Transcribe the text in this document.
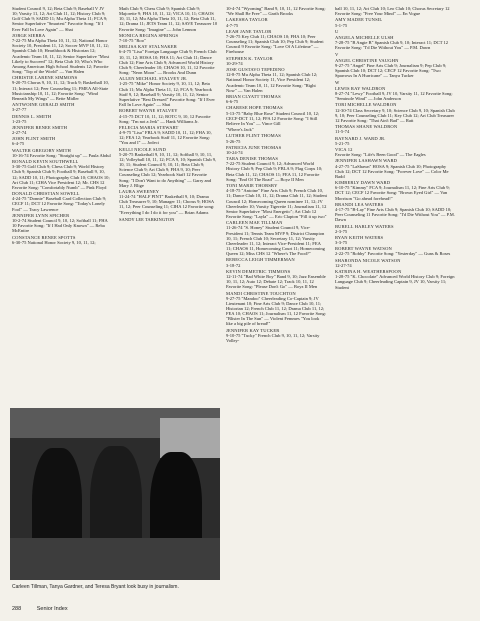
Student Council 9, 12; Beta Club 9; Baseball V JV 10; Varsity 11, 12; Art Club 11, 12; History Club 9; Golf Club 9; SADD 11; Mu Alpha Theta 11; FCA 9; Senior Superlative "Smartest" Favorite Song: "If I Ever Fall In Love Again" — Shai
JORGE SIERRA
7-22-75 Mu Alpha Theta 10, 11, 12; National Honor Society 10, President 11, 12; Soccer MVP 10, 11, 12; Spanish Club 10; Hearthbook & Historian 12; Academic Team 10, 11, 12; Senior Superlative "Most Likely to Succeed" 12; Beta Club 10; Who's Who Among American High School Students 12; Favorite Song: "Top of the World" — Van Halen
CHRISTIE LARENE SIMMONS
9-20-75 Chorus 9, 10, 11, 12; Track 9; Basketball 10, 11; Interact 12; Peer Counseling 11; FMEA All-State Musicianship 10, 11, 12; Favorite Song: "Wind Beneath My Wings" — Bette Midler
ANTWOINE GERALD SMITH
3-27-77
DENNIS L. SMITH
1-23-75
JENNIFER RENEE SMITH
2-27-74
JOHN FLINT SMITH
6-4-75
WALTER GREGORY SMITH
10-16-74 Favorite Song: "Straight up" — Paula Abdul
RONALD KEVIN SOUTHWELL
3-30-75 Golf Club 9; Chess Club 9; World History Club 9; Spanish Club 9; Football 9; Baseball 9, 10, 12; SADD 10, 11; Photography Club 10; CHAOS 10; Art Club 11; CIHA Vice President 12; Mr. CHS 12 Favorite Song: "Comfortably Numb" — Pink Floyd
DONALD CHRISTIAN SOWELL
4-24-75 "Donnie" Baseball Card Collection Club 9; CECF 11; DCT 12 Favorite Song: "Today's Lonely Fool" — Tracy Lawrence
JENNIFER LYNN SPICHER
10-2-74 Student Council 9, 10, 12; Softball 11; FHA 10 Favorite Song: "If I Had Only Known" — Reba McEntire
CONSTANCE RENEE SPOTTS
6-30-75 National Honor Society 9, 10, 11, 12;
Math Club 9; Chess Club 9; Spanish Club 9; Majorette 9; FHA 10, 11, 12; VICA 10, 11; CHAOS 10, 11, 12; Mu Alpha Theta 10, 11, 12; Beta Club 11, 12; Drama 11; JETS Team 11, 12; SAVE Treasurer 10 Favorite Song: "Imagine" — John Lennon
MONICA REGINA SPRINGS
7-10-75 "Roo"
MELISA KAY STALNAKER
6-4-75 "Lisa" Foreign Language Club 9; French Club 10, 11, 12; HOSA 10; FHA 11; Art Club 11; Dance Club 12; Fine Arts Club 9; Advanced World History Club 9; Cheerleader 10; CHAOS 10, 11, 12 Favorite Song: "Neon Moon" — Brooks And Dunn
ALLEN MICHAEL STALVEY JR.
1-25-75 "Mike" Honor Society 9, 10, 11, 12; Beta Club 11; Mu Alpha Theta 11, 12; FCA 9; Yearbook Staff 9, 12; Baseball 9; Varsity 10, 11, 12; Senior Superlative "Best Dressed" Favorite Song: "If I Ever Fall In Love Again" — Shai
ROBERT WAYNE STALVEY
4-15-75 DCT 10, 11, 12; ROTC 9, 10, 12 Favorite Song: "I'm not a Jerk" — Hank Williams Jr.
FELECIA MARIA STEWART
4-9-75 "Lisa" FBLA 9; SADD 10, 11, 12; FHA 10, 12; FEA 12; Yearbook Staff 11, 12 Favorite Song: "You and I" — Jodeci
KELLI NICOLE SUND
5-20-75 Basketball 9, 10, 11, 12; Softball 9, 10, 11, 12; Volleyball 10, 11, 12; FCA 9, 10; Spanish Club 9, 10, 11; Student Council 9, 10, 11; Beta Club 9; Science Club 9; Art Club 9; FHA 9, 10; Peer Counseling Club 12; Yearbook Staff 12 Favorite Song: "I Don't Want to do Anything" — Garry and Mary J. Blige
LAURA SWEENEY
11-24-74 "HALF PINT" Basketball 9, 10; Drama Club Treasurer 9, 10; Manager 11; Chorus 9; HOSA 11, 12; Peer Counseling 11; CIHA 12 Favorite song: "Everything I do I do it for you" — Brian Adams
SANDY LEE TARKINGTON
10-4-74 "Wyoming" Band 9, 10, 11, 12 Favorite Song: "We Shall Be Free" — Garth Brooks
LAKESHA TAYLOR
4-7-75
LEAH JANE TAYLOR
7-26-75 Key Club 11; CHAOS 10; FHA 10; Peer Counseling 11; Spanish Club 10; Pep Club 9; Student Council 9 Favorite Song: "Love Of A Lifetime" — Firehouse
STEPHEN K. TAYLOR
10-29-74
JOSE GUSTAVO TEPEDINO
12-8-75 Mu Alpha Theta 11, 12; Spanish Club 12; National Honor Society 11, Vice President 12; Academic Team 10, 11, 12 Favorite Song: "Right Now" — Van Halen
BRIAN CLYATT THOMAS
6-6-75
CHARESE HOPE THOMAS
5-13-75 "Baby Blue Rose" Student Council 10, 12; CECF-DCT 11, 12; FFA 12 Favorite Song: "I Still Believe In You" — Vince Gill
"Where's Jack"
LUTHER FLINT THOMAS
5-26-75
PATRICIA JUNE THOMAS
10-24-74
TARA DENISE THOMAS
7-22-75 Student Council 9, 12; Advanced World History Club 9; Pep Club 9; FBLA 9; Flag Corps 10; Beta Club 11, 12; CHAOS 11; FEA 11, 12 Favorite Song: "End Of The Road" — Boyz II Men
TONI MARIE THORSBY
4-18-75 "Antoine" Fine Arts Club 9; French Club 10, 11; Dance Club 10, 11, 12; Drama Club 11, 12; Student Council 12; Homecoming Queen nominee 11, 12; JV Cheerleader 10; Varsity Tigerette 11; Journalism 11, 12 Senior Superlative "Most Energetic"; Art Club 12 Favorite Song: "Layla" — Eric Clapton "Fill it up two"
CARLEEN MAE TILLMAN
11-26-74 "S. Honey" Student Council 9, Vice-President 11; Tennis Team MVP 9; District Champion 10, 11; French Club 10; Secretary 11, 12; Varsity Cheerleader 11, 12; Interact Vice-President 11; FEA 11; CHAOS 11, Homecoming Court 11; Homecoming Queen 12; Miss CHS 12 "Where's The Food?"
REBECCA LEIGH TIMMERMAN
3-18-72
KEVIN DEMETRIC TIMMONS
12-11-74 "Bad White Boy" Band 9, 10; Jazz Ensemble 10, 11, 12; Auto 12; Debate 12; Track 10, 11, 12 Favorite Song: "Please Don't Go" — Boyz II Men
MANDI CHRISTINE TOUCHTON
9-27-75 "Mandoo" Cheerleading Co-Captain 9; JV Lieutenant 10; Fine Arts Club 9; Dance Club 10, 11; Historian 12; French Club 11, 12; Drama Club 11, 12; FEA 10; CHAOS 11; Journalism 11, 12 Favorite Song: "Blister In The Sun" — Violent Femmes "You look like a big pile of bread!"
JENNIFER KAY TUCKER
9-10-75 "Tucky" French Club 9, 10, 11, 12; Varsity Volley-
ball 10, 11, 12; Art Club 10; Leo Club 10; Chorus Secretary 12 Favorite Song: "Free Your Mind" — En Vogue
AMY MADEE TUNSIL
5-1-75
U
ANGELA MICHELLE ULSH
7-28-75 "B Angie B" Spanish Club 9, 10; Interact 11; DCT 12 Favorite Song: "I'd Die Without You" — P.M. Dawn
V
ANGEL CHRISTINE VAUGHN
9-27-75 "Angel" Fine Arts Club 9; Journalism 9; Pep Club 9; Spanish Club 10; DCT 12; CECF 12 Favorite Song: "Two Sparrows In A Hurricane" — Tanya Tucker
W
LEWIS RAY WALDRON
8-27-74 "Lewy" Football 9, JV 10, Varsity 11, 12 Favorite Song: "Seminole Wind" — John Anderson
TORI MICHELLE WALDRON
12-30-74 Class Secretary 9, 10; Science Club 9, 10; Spanish Club 9, 10; Peer Counseling Club 11; Key Club 12; Art Club Treasurer 12 Favorite Song: "That Ain't Bad" — Ratt
THOMAS SHANE WALDRON
11-5-74
BAYNARD J. WARD JR.
5-21-75
VICA 12
Favorite Song: "Life's Been Good" — The Eagles
JENNIFER LASHAWN WARD
4-27-75 "LaShawn" HOSA 9; Spanish Club 10; Photography Club 12; DCT 12 Favorite Song: "Forever Love" — Color Me Badd
KIMBERLY DAWN WARD
6-10-75 "Kimmy" FCA 9; Journalism 11, 12; Fine Arts Club 9; DCT 12; CECF 12 Favorite Song: "Brown Eyed Girl" — Van Morrison "Go ahead forehead!"
BRANDI LEA WATERS
4-17-75 "B-Lay" Fine Arts Club 9; Spanish Club 10; SADD 10; Peer Counseling 11 Favorite Song: "I'd Die Without You" — P.M. Dawn
BURELL HARLEY WATERS
2-3-75
RYAN KEITH WATERS
3-3-75
ROBERT WAYNE WATSON
2-22-75 "Robby" Favorite Song: "Yesterday" — Guns & Roses
SHARONDA NICOLE WATSON
12-27-74
KATRINA H. WEATHERSPOON
1-28-75 "K. Chocolate" Advanced World History Club 9; Foreign Language Club 9; Cheerleading Captain 9, JV 10, Varsity 11; Student
Carleen Tillman, Tanya Gardner, and Teresa Bryant look busy in journalism.
288	Senior Index
